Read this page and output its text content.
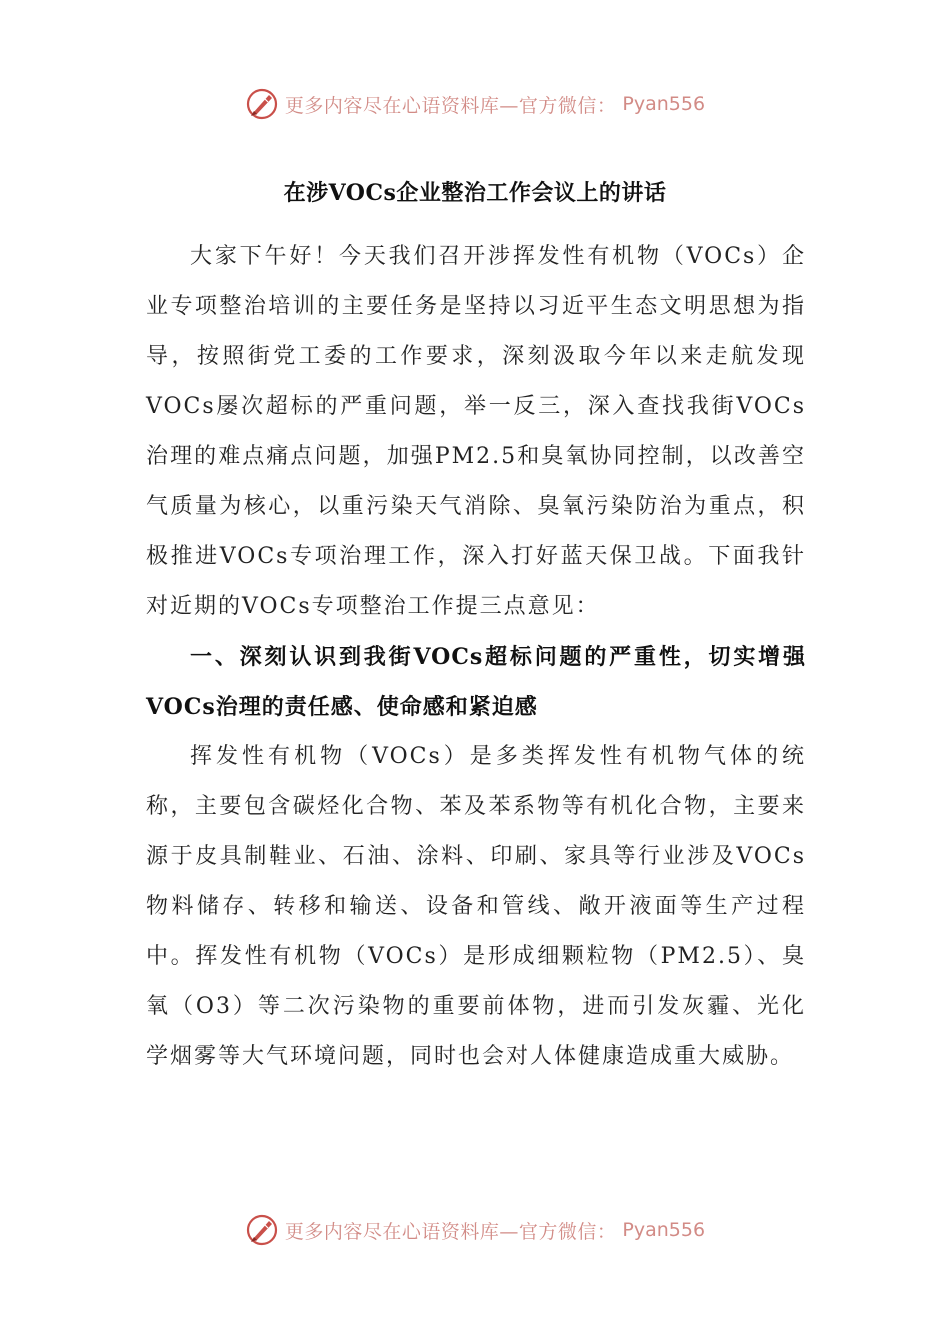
更多内容尽在心语资料库—官方微信： Pyan556
在涉VOCs企业整治工作会议上的讲话

大家下午好！今天我们召开涉挥发性有机物（VOCs）企业专项整治培训的主要任务是坚持以习近平生态文明思想为指导，按照街党工委的工作要求，深刻汲取今年以来走航发现VOCs屡次超标的严重问题，举一反三，深入查找我街VOCs治理的难点痛点问题，加强PM2.5和臭氧协同控制，以改善空气质量为核心，以重污染天气消除、臭氧污染防治为重点，积极推进VOCs专项治理工作，深入打好蓝天保卫战。下面我针对近期的VOCs专项整治工作提三点意见：

一、深刻认识到我街VOCs超标问题的严重性，切实增强VOCs治理的责任感、使命感和紧迫感

挥发性有机物（VOCs）是多类挥发性有机物气体的统称，主要包含碳烃化合物、苯及苯系物等有机化合物，主要来源于皮具制鞋业、石油、涂料、印刷、家具等行业涉及VOCs物料储存、转移和输送、设备和管线、敞开液面等生产过程中。挥发性有机物（VOCs）是形成细颗粒物（PM2.5）、臭氧（O3）等二次污染物的重要前体物，进而引发灰霾、光化学烟雾等大气环境问题，同时也会对人体健康造成重大威胁。

更多内容尽在心语资料库—官方微信： Pyan556
